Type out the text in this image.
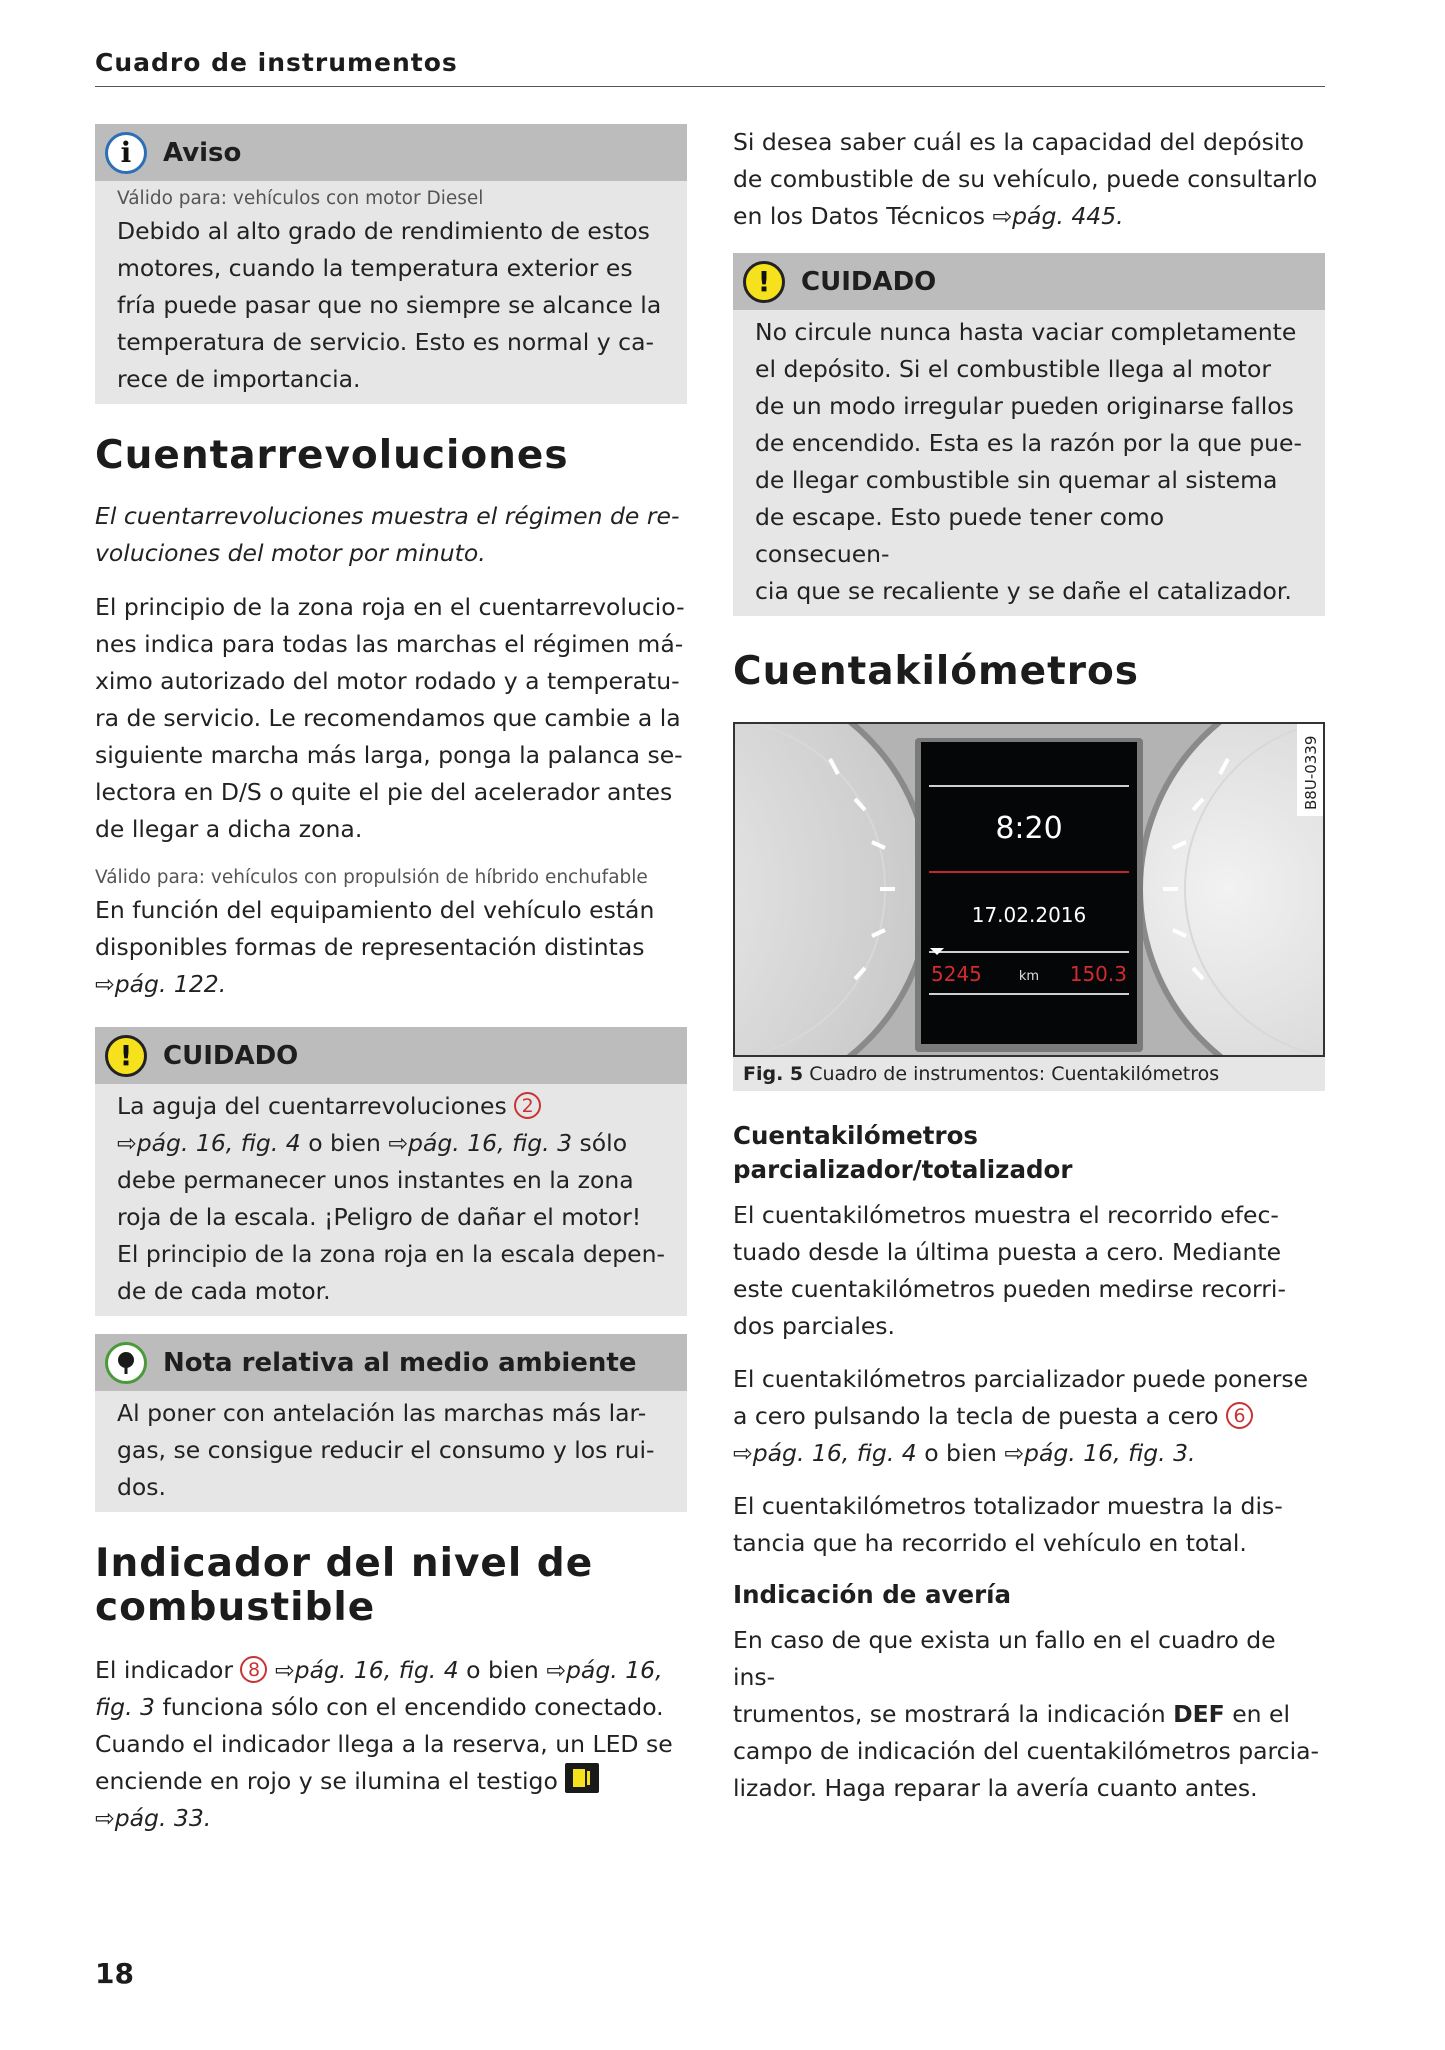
Cuadro de instrumentos
i	Aviso
Válido para: vehículos con motor Diesel

Debido al alto grado de rendimiento de estos

motores, cuando la temperatura exterior es

fría puede pasar que no siempre se alcance la

temperatura de servicio. Esto es normal y ca-

rece de importancia.

Cuentarrevoluciones

El cuentarrevoluciones muestra el régimen de re-

voluciones del motor por minuto.

El principio de la zona roja en el cuentarrevolucio-

nes indica para todas las marchas el régimen má-

ximo autorizado del motor rodado y a temperatu-

ra de servicio. Le recomendamos que cambie a la

siguiente marcha más larga, ponga la palanca se-

lectora en D/S o quite el pie del acelerador antes

de llegar a dicha zona.

Válido para: vehículos con propulsión de híbrido enchufable

En función del equipamiento del vehículo están

disponibles formas de representación distintas

⇨pág. 122.

!	CUIDADO

La aguja del cuentarrevoluciones 2

⇨pág. 16, fig. 4 o bien ⇨pág. 16, fig. 3 sólo

debe permanecer unos instantes en la zona

roja de la escala. ¡Peligro de dañar el motor!

El principio de la zona roja en la escala depen-

de de cada motor.

Nota relativa al medio ambiente

Al poner con antelación las marchas más lar-

gas, se consigue reducir el consumo y los rui-

dos.

Indicador del nivel de
combustible

El indicador 8 ⇨pág. 16, fig. 4 o bien ⇨pág. 16,

fig. 3 funciona sólo con el encendido conectado.

Cuando el indicador llega a la reserva, un LED se

enciende en rojo y se ilumina el testigo

⇨pág. 33.

Si desea saber cuál es la capacidad del depósito

de combustible de su vehículo, puede consultarlo

en los Datos Técnicos ⇨pág. 445.

!	CUIDADO

No circule nunca hasta vaciar completamente

el depósito. Si el combustible llega al motor

de un modo irregular pueden originarse fallos

de encendido. Esta es la razón por la que pue-

de llegar combustible sin quemar al sistema

de escape. Esto puede tener como consecuen-

cia que se recaliente y se dañe el catalizador.

Cuentakilómetros
8:20
17.02.2016
5245	km 150.3
B8U-0339
Fig. 5 Cuadro de instrumentos: Cuentakilómetros
Cuentakilómetros parcializador/totalizador

El cuentakilómetros muestra el recorrido efec-

tuado desde la última puesta a cero. Mediante

este cuentakilómetros pueden medirse recorri-

dos parciales.

El cuentakilómetros parcializador puede ponerse

a cero pulsando la tecla de puesta a cero 6

⇨pág. 16, fig. 4 o bien ⇨pág. 16, fig. 3.

El cuentakilómetros totalizador muestra la dis-

tancia que ha recorrido el vehículo en total.

Indicación de avería

En caso de que exista un fallo en el cuadro de ins-

trumentos, se mostrará la indicación DEF en el

campo de indicación del cuentakilómetros parcia-

lizador. Haga reparar la avería cuanto antes.

18
